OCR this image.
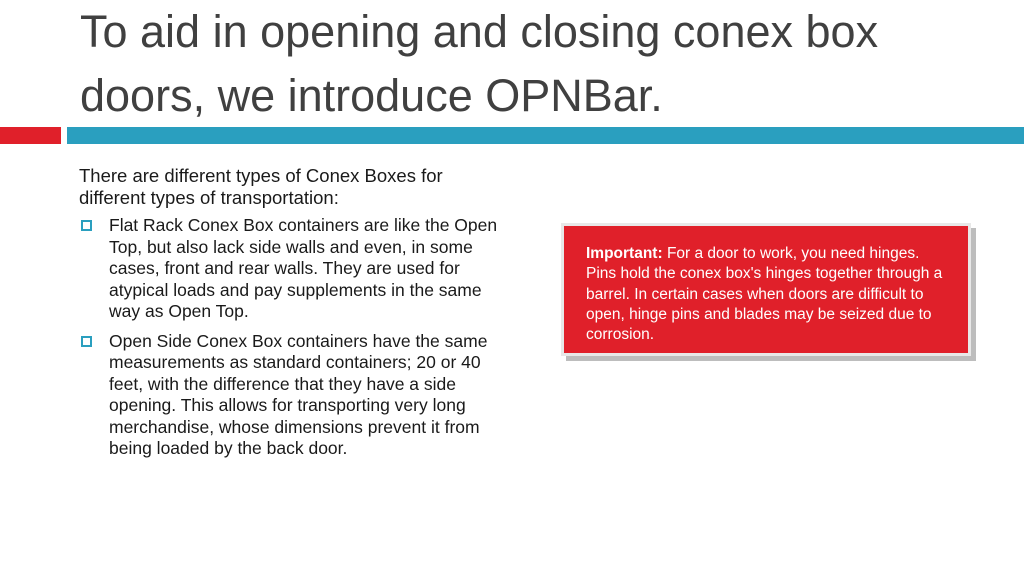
To aid in opening and closing conex box doors, we introduce OPNBar.

There are different types of Conex Boxes for different types of transportation:

Flat Rack Conex Box containers are like the Open Top, but also lack side walls and even, in some cases, front and rear walls. They are used for atypical loads and pay supplements in the same way as Open Top.
Open Side Conex Box containers have the same measurements as standard containers; 20 or 40 feet, with the difference that they have a side opening. This allows for transporting very long merchandise, whose dimensions prevent it from being loaded by the back door.
Important: For a door to work, you need hinges. Pins hold the conex box's hinges together through a barrel. In certain cases when doors are difficult to open, hinge pins and blades may be seized due to corrosion.
